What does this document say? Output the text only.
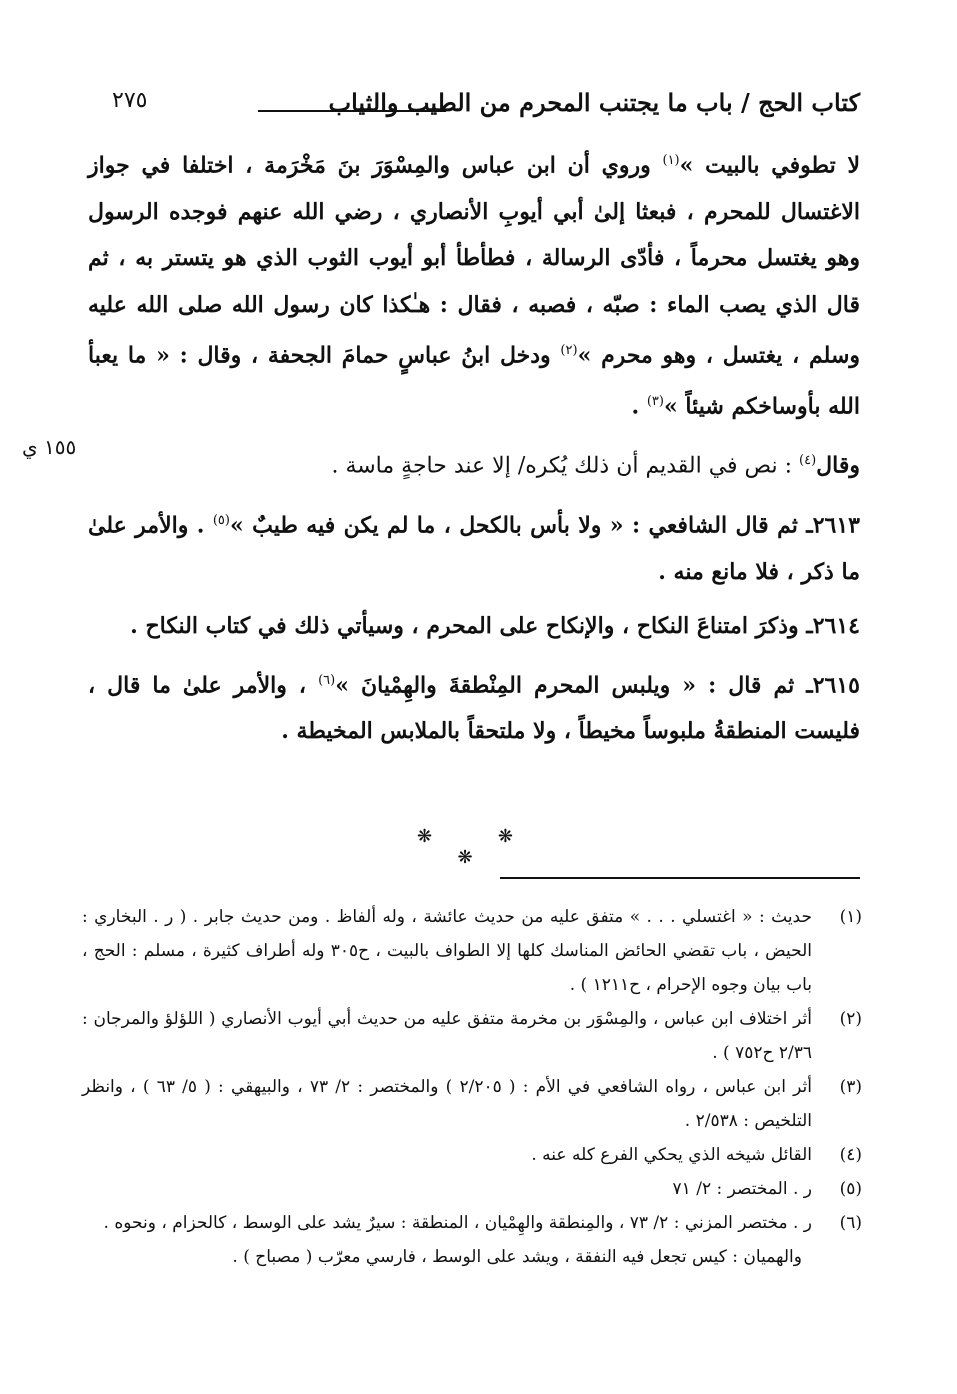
٢٧٥	كتاب الحج / باب ما يجتنب المحرم من الطيب والثياب
١٥٥ ي

لا تطوفي بالبيت »$^{(١)}$ وروي أن ابن عباس والمِسْوَرَ بنَ مَخْرَمة ، اختلفا في جواز الاغتسال للمحرم ، فبعثا إلىٰ أبي أيوبِ الأنصاري ، رضي الله عنهم فوجده الرسول وهو يغتسل محرماً ، فأدّى الرسالة ، فطأطأ أبو أيوب الثوب الذي هو يتستر به ، ثم قال الذي يصب الماء : صبّه ، فصبه ، فقال : هـٰكذا كان رسول الله صلى الله عليه وسلم ، يغتسل ، وهو محرم »$^{(٢)}$ ودخل ابنُ عباسٍ حمامَ الجحفة ، وقال : « ما يعبأ الله بأوساخكم شيئاً »$^{(٣)}$ .

وقال$^{(٤)}$ : نص في القديم أن ذلك يُكره/ إلا عند حاجةٍ ماسة .

٢٦١٣ـ ثم قال الشافعي : « ولا بأس بالكحل ، ما لم يكن فيه طيبٌ »$^{(٥)}$ . والأمر علىٰ ما ذكر ، فلا مانع منه .

٢٦١٤ـ وذكرَ امتناعَ النكاح ، والإنكاح على المحرم ، وسيأتي ذلك في كتاب النكاح .

٢٦١٥ـ ثم قال : « ويلبس المحرم المِنْطقةَ والهِمْيانَ »$^{(٦)}$ ، والأمر علىٰ ما قال ، فليست المنطقةُ ملبوساً مخيطاً ، ولا ملتحقاً بالملابس المخيطة .

❋ ❋ ❋
(١)
حديث : « اغتسلي . . . » متفق عليه من حديث عائشة ، وله ألفاظ . ومن حديث جابر . ( ر . البخاري : الحيض ، باب تقضي الحائض المناسك كلها إلا الطواف بالبيت ، ح٣٠٥ وله أطراف كثيرة ، مسلم : الحج ، باب بيان وجوه الإحرام ، ح١٢١١ ) .
(٢)
أثر اختلاف ابن عباس ، والمِسْوَر بن مخرمة متفق عليه من حديث أبي أيوب الأنصاري ( اللؤلؤ والمرجان : ٢/٣٦ ح٧٥٢ ) .
(٣)
أثر ابن عباس ، رواه الشافعي في الأم : ( ٢/٢٠٥ ) والمختصر : ٢/ ٧٣ ، والبيهقي : ( ٥/ ٦٣ ) ، وانظر التلخيص : ٢/٥٣٨ .
(٤)
القائل شيخه الذي يحكي الفرع كله عنه .
(٥)
ر . المختصر : ٢/ ٧١
(٦)
ر . مختصر المزني : ٢/ ٧٣ ، والمِنطقة والهِمْيان ، المنطقة : سيرٌ يشد على الوسط ، كالحزام ، ونحوه .
والهميان : كيس تجعل فيه النفقة ، ويشد على الوسط ، فارسي معرّب ( مصباح ) .
